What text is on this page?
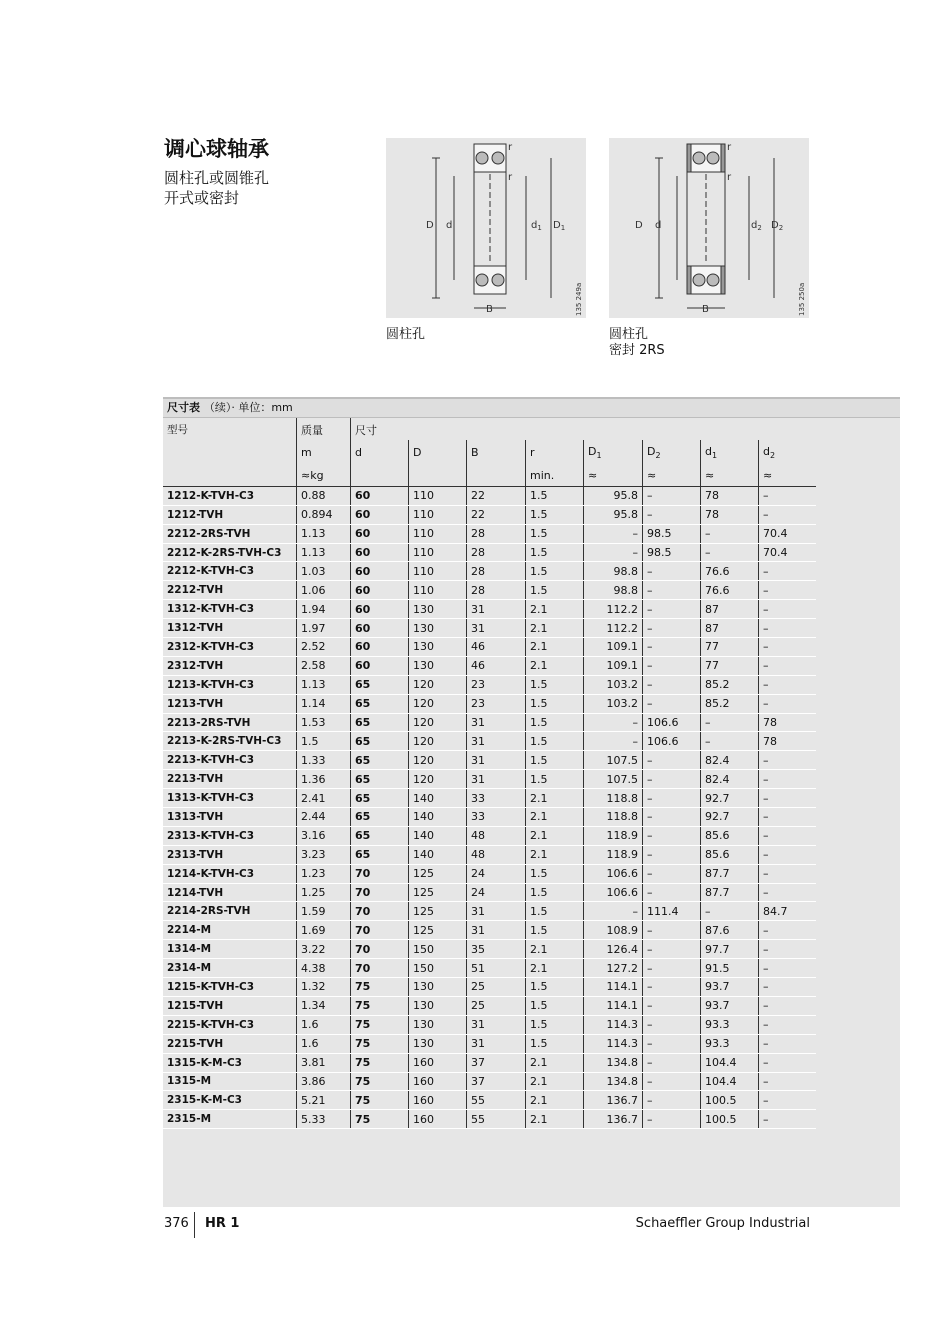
调心球轴承
圆柱孔或圆锥孔
开式或密封
D d	$d_1$ $D_1$
B
r
r
135 249a
圆柱孔
D d	$d_2$ $D_2$
B
r
r
135 250a
圆柱孔
密封 2RS
尺寸表 （续）· 单位：mm
型号	质量	尺寸							
	m	d	D	B	r	$D_1$	$D_2$	$d_1$	$d_2$
	≈kg				min.	≈	≈	≈	≈
1212-K-TVH-C3	0.88	60	110	22	1.5	95.8	–	78	–
1212-TVH	0.894	60	110	22	1.5	95.8	–	78	–
2212-2RS-TVH	1.13	60	110	28	1.5	–	98.5	–	70.4
2212-K-2RS-TVH-C3	1.13	60	110	28	1.5	–	98.5	–	70.4
2212-K-TVH-C3	1.03	60	110	28	1.5	98.8	–	76.6	–
2212-TVH	1.06	60	110	28	1.5	98.8	–	76.6	–
1312-K-TVH-C3	1.94	60	130	31	2.1	112.2	–	87	–
1312-TVH	1.97	60	130	31	2.1	112.2	–	87	–
2312-K-TVH-C3	2.52	60	130	46	2.1	109.1	–	77	–
2312-TVH	2.58	60	130	46	2.1	109.1	–	77	–
1213-K-TVH-C3	1.13	65	120	23	1.5	103.2	–	85.2	–
1213-TVH	1.14	65	120	23	1.5	103.2	–	85.2	–
2213-2RS-TVH	1.53	65	120	31	1.5	–	106.6	–	78
2213-K-2RS-TVH-C3	1.5	65	120	31	1.5	–	106.6	–	78
2213-K-TVH-C3	1.33	65	120	31	1.5	107.5	–	82.4	–
2213-TVH	1.36	65	120	31	1.5	107.5	–	82.4	–
1313-K-TVH-C3	2.41	65	140	33	2.1	118.8	–	92.7	–
1313-TVH	2.44	65	140	33	2.1	118.8	–	92.7	–
2313-K-TVH-C3	3.16	65	140	48	2.1	118.9	–	85.6	–
2313-TVH	3.23	65	140	48	2.1	118.9	–	85.6	–
1214-K-TVH-C3	1.23	70	125	24	1.5	106.6	–	87.7	–
1214-TVH	1.25	70	125	24	1.5	106.6	–	87.7	–
2214-2RS-TVH	1.59	70	125	31	1.5	–	111.4	–	84.7
2214-M	1.69	70	125	31	1.5	108.9	–	87.6	–
1314-M	3.22	70	150	35	2.1	126.4	–	97.7	–
2314-M	4.38	70	150	51	2.1	127.2	–	91.5	–
1215-K-TVH-C3	1.32	75	130	25	1.5	114.1	–	93.7	–
1215-TVH	1.34	75	130	25	1.5	114.1	–	93.7	–
2215-K-TVH-C3	1.6	75	130	31	1.5	114.3	–	93.3	–
2215-TVH	1.6	75	130	31	1.5	114.3	–	93.3	–
1315-K-M-C3	3.81	75	160	37	2.1	134.8	–	104.4	–
1315-M	3.86	75	160	37	2.1	134.8	–	104.4	–
2315-K-M-C3	5.21	75	160	55	2.1	136.7	–	100.5	–
2315-M	5.33	75	160	55	2.1	136.7	–	100.5	–
376 HR 1	Schaeffler Group Industrial
